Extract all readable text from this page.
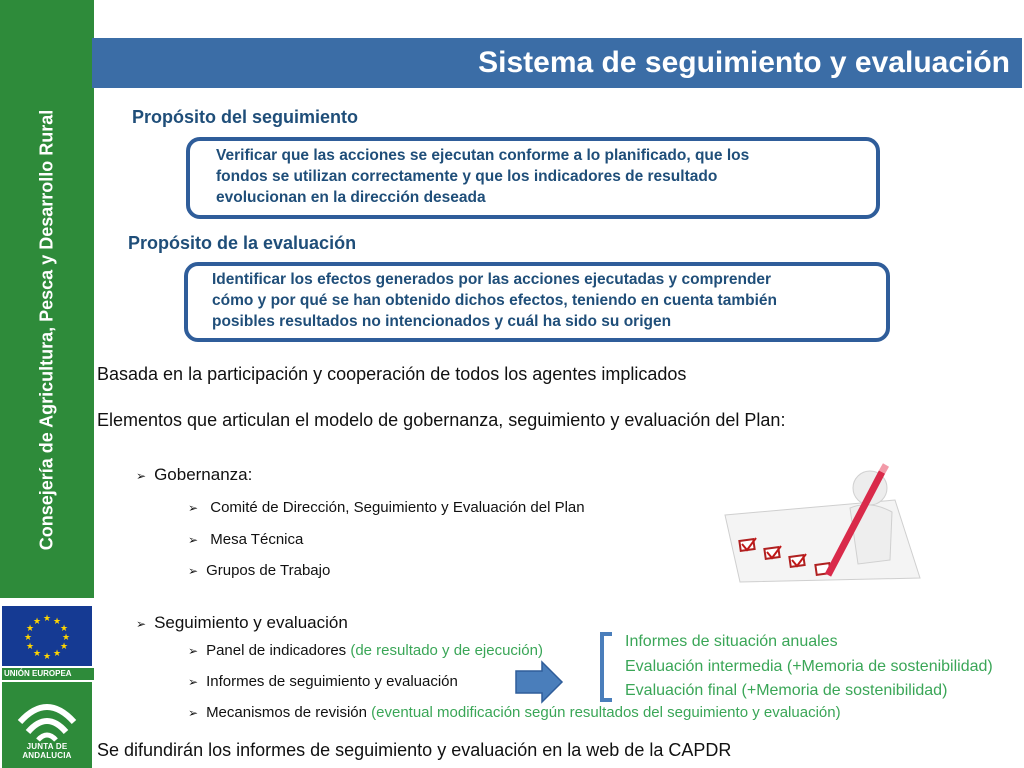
Consejería de Agricultura, Pesca y Desarrollo Rural
★ ★
★
★
★
★
★
★
★
★
★
★
UNIÓN EUROPEA
JUNTA DE ANDALUCIA
Sistema de seguimiento y evaluación
Propósito del seguimiento
Verificar que las acciones se ejecutan conforme a lo planificado, que los
fondos se utilizan correctamente y que los indicadores de resultado
evolucionan en la dirección deseada
Propósito de la evaluación
Identificar los efectos generados por las acciones ejecutadas y comprender
cómo y por qué se han obtenido dichos efectos, teniendo en cuenta también
posibles resultados no intencionados y cuál ha sido su origen
Basada en la participación y cooperación de todos los agentes implicados
Elementos que articulan el modelo de gobernanza, seguimiento y evaluación del Plan:
➢ Gobernanza:
➢ Comité de Dirección, Seguimiento y Evaluación del Plan
➢ Mesa Técnica
➢ Grupos de Trabajo
➢ Seguimiento y evaluación
➢ Panel de indicadores (de resultado y de ejecución)
➢ Informes de seguimiento y evaluación
➢ Mecanismos de revisión (eventual modificación según resultados del seguimiento y evaluación)
Informes de situación anuales
Evaluación intermedia (+Memoria de sostenibilidad)
Evaluación final (+Memoria de sostenibilidad)
Se difundirán los informes de seguimiento y evaluación en la web de la CAPDR
